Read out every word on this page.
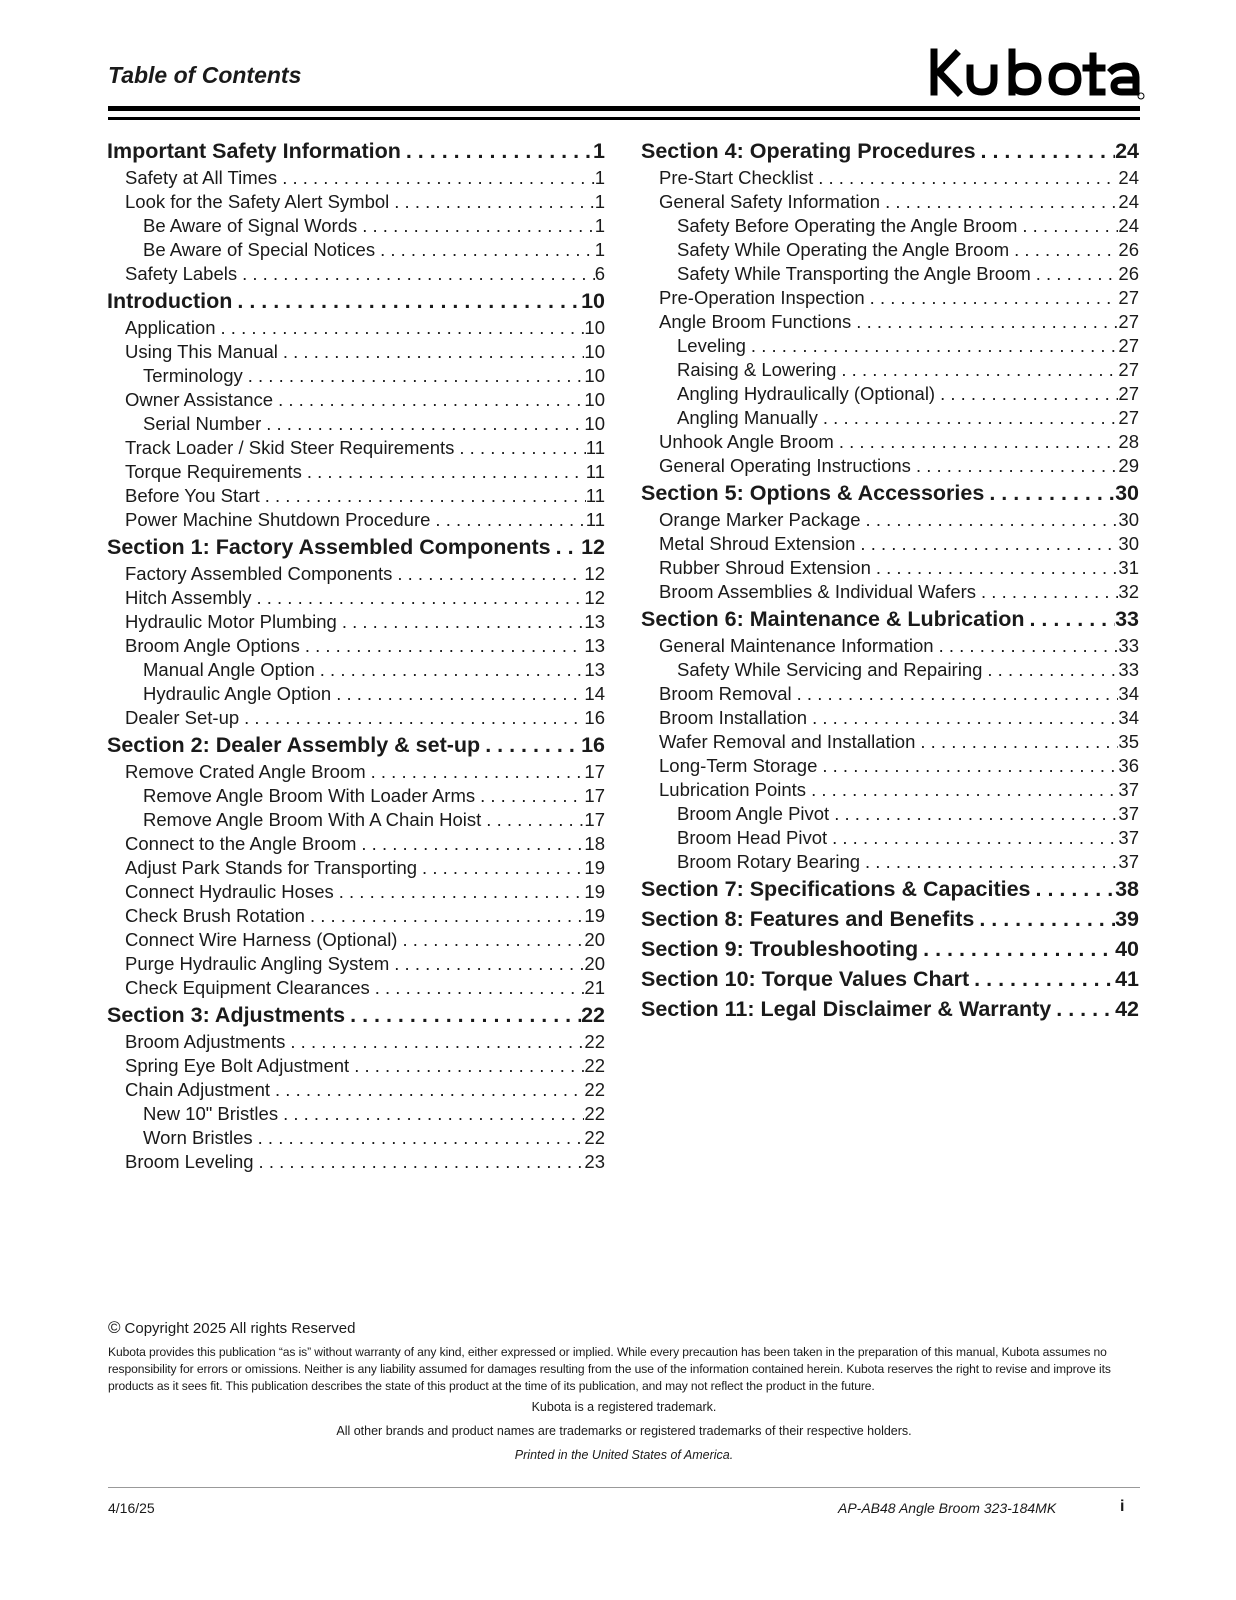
Table of Contents
Important Safety Information . . .	1
Safety at All Times . . .	1
Look for the Safety Alert Symbol . . .	1
Be Aware of Signal Words . . .	1
Be Aware of Special Notices . . .	1
Safety Labels . . .	6
Introduction . . .	10
Application . . .	10
Using This Manual . . .	10
Terminology . . .	10
Owner Assistance . . .	10
Serial Number . . .	10
Track Loader / Skid Steer Requirements . . .	11
Torque Requirements . . .	11
Before You Start . . .	11
Power Machine Shutdown Procedure . . .	11
Section 1: Factory Assembled Components . . . 12
Factory Assembled Components . . .	12
Hitch Assembly . . .	12
Hydraulic Motor Plumbing . . .	13
Broom Angle Options . . .	13
Manual Angle Option . . .	13
Hydraulic Angle Option . . .	14
Dealer Set-up . . .	16
Section 2: Dealer Assembly & set-up . . .	16
Remove Crated Angle Broom . . .	17
Remove Angle Broom With Loader Arms . . .	17
Remove Angle Broom With A Chain Hoist . . .	17
Connect to the Angle Broom . . .	18
Adjust Park Stands for Transporting . . .	19
Connect Hydraulic Hoses . . .	19
Check Brush Rotation . . .	19
Connect Wire Harness (Optional) . . .	20
Purge Hydraulic Angling System . . .	20
Check Equipment Clearances . . .	21
Section 3: Adjustments . . .	22
Broom Adjustments . . .	22
Spring Eye Bolt Adjustment . . .	22
Chain Adjustment . . .	22
New 10" Bristles . . .	22
Worn Bristles . . .	22
Broom Leveling . . .	23
Section 4: Operating Procedures . . .	24
Pre-Start Checklist . . .	24
General Safety Information . . .	24
Safety Before Operating the Angle Broom . . .	24
Safety While Operating the Angle Broom . . .	26
Safety While Transporting the Angle Broom . . .	26
Pre-Operation Inspection . . .	27
Angle Broom Functions . . .	27
Leveling . . .	27
Raising & Lowering . . .	27
Angling Hydraulically (Optional) . . .	27
Angling Manually . . .	27
Unhook Angle Broom . . .	28
General Operating Instructions . . .	29
Section 5: Options & Accessories . . .	30
Orange Marker Package . . .	30
Metal Shroud Extension . . .	30
Rubber Shroud Extension . . .	31
Broom Assemblies & Individual Wafers . . .	32
Section 6: Maintenance & Lubrication . . .	33
General Maintenance Information . . .	33
Safety While Servicing and Repairing . . .	33
Broom Removal . . .	34
Broom Installation . . .	34
Wafer Removal and Installation . . .	35
Long-Term Storage . . .	36
Lubrication Points . . .	37
Broom Angle Pivot . . .	37
Broom Head Pivot . . .	37
Broom Rotary Bearing . . .	37
Section 7: Specifications & Capacities . . .	38
Section 8: Features and Benefits . . .	39
Section 9: Troubleshooting . . .	40
Section 10: Torque Values Chart . . .	41
Section 11: Legal Disclaimer & Warranty . . .	42
© Copyright 2025 All rights Reserved
Kubota provides this publication “as is” without warranty of any kind, either expressed or implied. While every precaution has been taken in the preparation of this manual, Kubota assumes no responsibility for errors or omissions. Neither is any liability assumed for damages resulting from the use of the information contained herein. Kubota reserves the right to revise and improve its products as it sees fit. This publication describes the state of this product at the time of its publication, and may not reflect the product in the future.
Kubota is a registered trademark.
All other brands and product names are trademarks or registered trademarks of their respective holders.
Printed in the United States of America.
4/16/25	AP-AB48 Angle Broom 323-184MK	i
